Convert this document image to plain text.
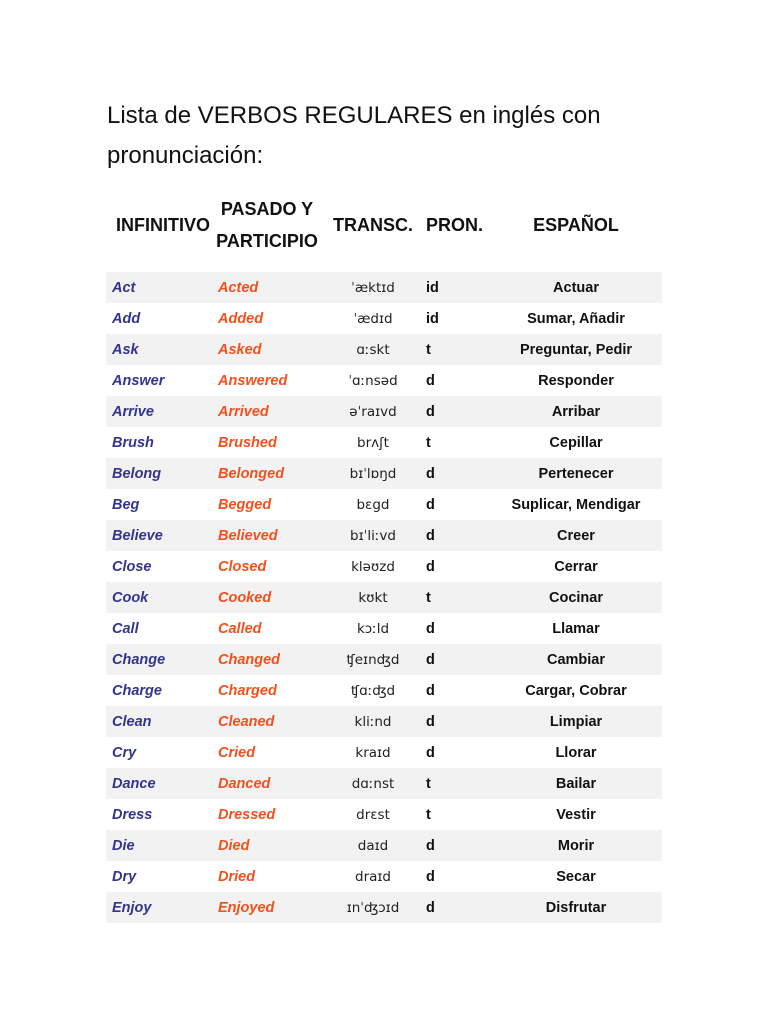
Lista de VERBOS REGULARES en inglés con pronunciación:
INFINITIVO	PASADO Y PARTICIPIO	TRANSC.	PRON.	ESPAÑOL
Act	Acted	ˈæktɪd	id	Actuar
Add	Added	ˈædɪd	id	Sumar, Añadir
Ask	Asked	ɑːskt	t	Preguntar, Pedir
Answer	Answered	ˈɑːnsəd	d	Responder
Arrive	Arrived	əˈraɪvd	d	Arribar
Brush	Brushed	brʌʃt	t	Cepillar
Belong	Belonged	bɪˈlɒŋd	d	Pertenecer
Beg	Begged	bɛgd	d	Suplicar, Mendigar
Believe	Believed	bɪˈliːvd	d	Creer
Close	Closed	kləʊzd	d	Cerrar
Cook	Cooked	kʊkt	t	Cocinar
Call	Called	kɔːld	d	Llamar
Change	Changed	ʧeɪnʤd	d	Cambiar
Charge	Charged	ʧɑːʤd	d	Cargar, Cobrar
Clean	Cleaned	kliːnd	d	Limpiar
Cry	Cried	kraɪd	d	Llorar
Dance	Danced	dɑːnst	t	Bailar
Dress	Dressed	drɛst	t	Vestir
Die	Died	daɪd	d	Morir
Dry	Dried	draɪd	d	Secar
Enjoy	Enjoyed	ɪnˈʤɔɪd	d	Disfrutar
